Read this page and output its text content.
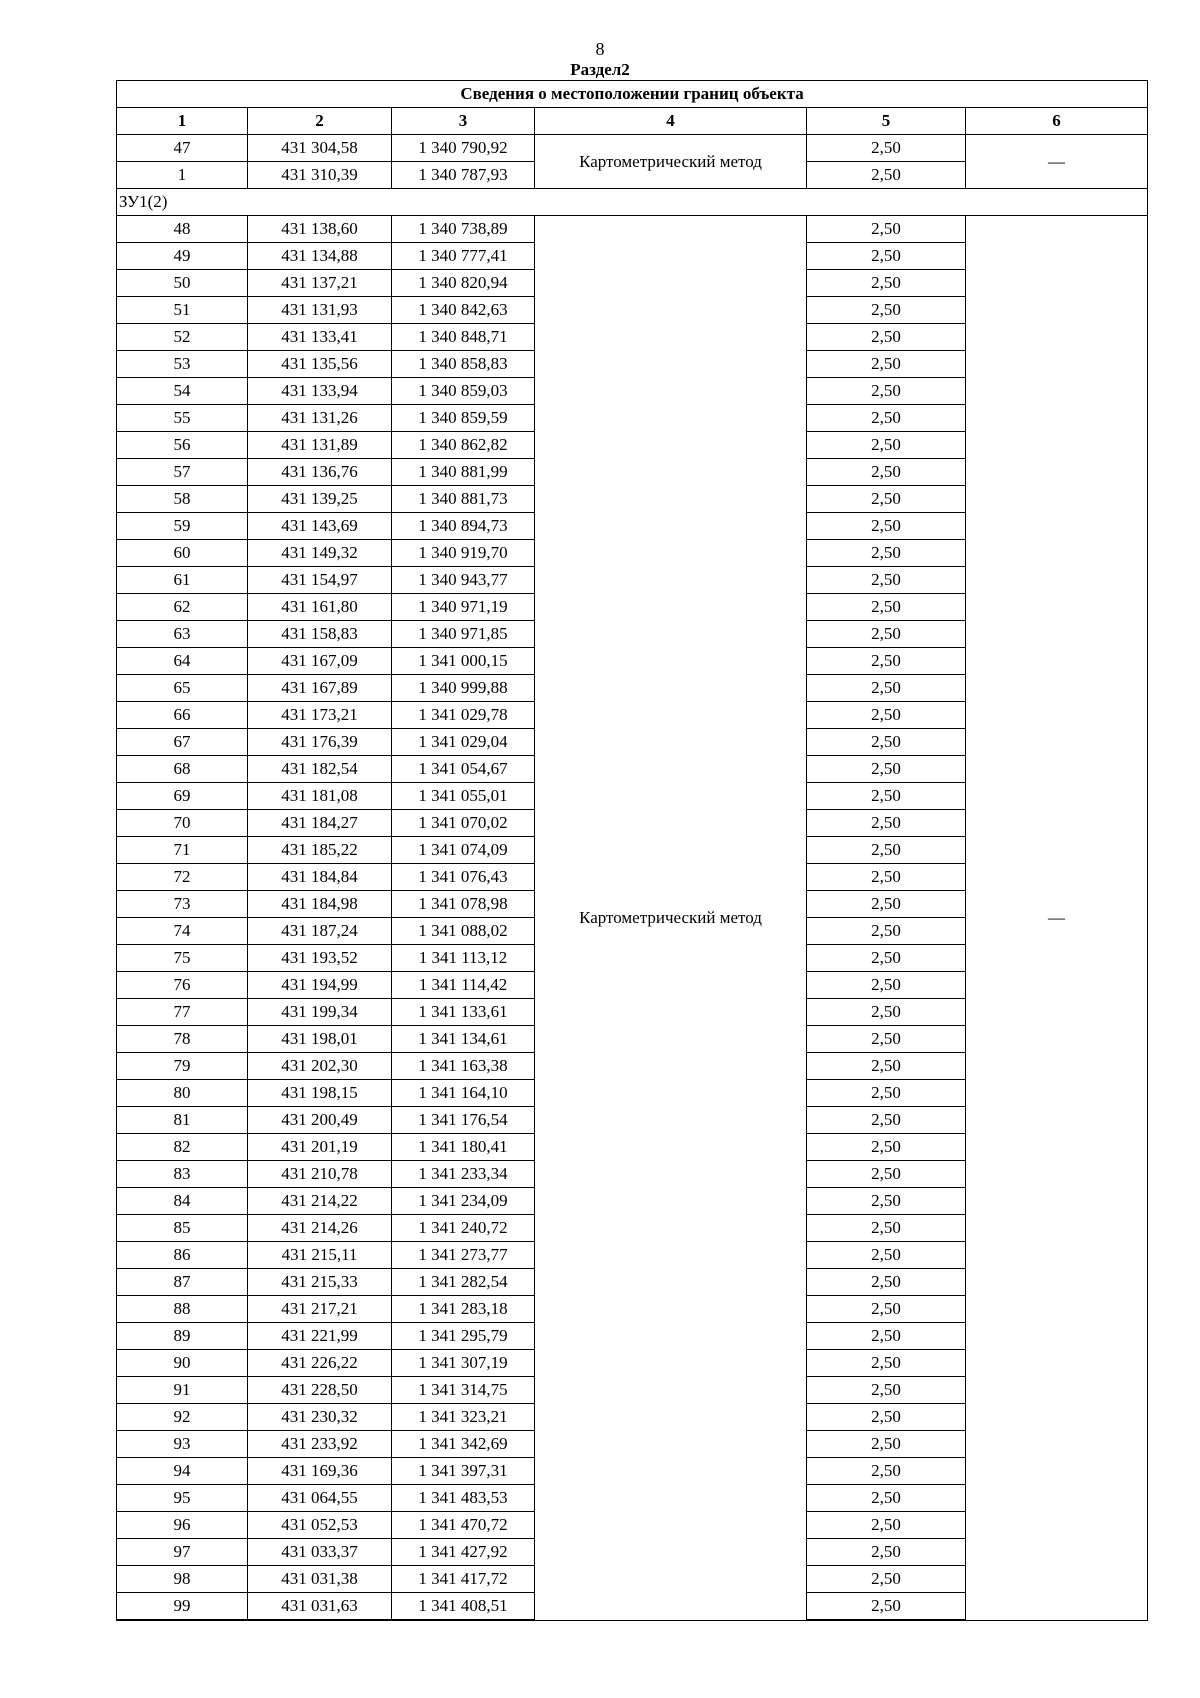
8
Раздел2
Сведения о местоположении границ объекта					
1	2	3	4	5	6
47	431 304,58	1 340 790,92	Картометрический метод	2,50	—
1	431 310,39	1 340 787,93		2,50	
ЗУ1(2)					
48	431 138,60	1 340 738,89	Картометрический метод	2,50	—
49	431 134,88	1 340 777,41		2,50	
50	431 137,21	1 340 820,94		2,50	
51	431 131,93	1 340 842,63		2,50	
52	431 133,41	1 340 848,71		2,50	
53	431 135,56	1 340 858,83		2,50	
54	431 133,94	1 340 859,03		2,50	
55	431 131,26	1 340 859,59		2,50	
56	431 131,89	1 340 862,82		2,50	
57	431 136,76	1 340 881,99		2,50	
58	431 139,25	1 340 881,73		2,50	
59	431 143,69	1 340 894,73		2,50	
60	431 149,32	1 340 919,70		2,50	
61	431 154,97	1 340 943,77		2,50	
62	431 161,80	1 340 971,19		2,50	
63	431 158,83	1 340 971,85		2,50	
64	431 167,09	1 341 000,15		2,50	
65	431 167,89	1 340 999,88		2,50	
66	431 173,21	1 341 029,78		2,50	
67	431 176,39	1 341 029,04		2,50	
68	431 182,54	1 341 054,67		2,50	
69	431 181,08	1 341 055,01		2,50	
70	431 184,27	1 341 070,02		2,50	
71	431 185,22	1 341 074,09		2,50	
72	431 184,84	1 341 076,43		2,50	
73	431 184,98	1 341 078,98		2,50	
74	431 187,24	1 341 088,02		2,50	
75	431 193,52	1 341 113,12		2,50	
76	431 194,99	1 341 114,42		2,50	
77	431 199,34	1 341 133,61		2,50	
78	431 198,01	1 341 134,61		2,50	
79	431 202,30	1 341 163,38		2,50	
80	431 198,15	1 341 164,10		2,50	
81	431 200,49	1 341 176,54		2,50	
82	431 201,19	1 341 180,41		2,50	
83	431 210,78	1 341 233,34		2,50	
84	431 214,22	1 341 234,09		2,50	
85	431 214,26	1 341 240,72		2,50	
86	431 215,11	1 341 273,77		2,50	
87	431 215,33	1 341 282,54		2,50	
88	431 217,21	1 341 283,18		2,50	
89	431 221,99	1 341 295,79		2,50	
90	431 226,22	1 341 307,19		2,50	
91	431 228,50	1 341 314,75		2,50	
92	431 230,32	1 341 323,21		2,50	
93	431 233,92	1 341 342,69		2,50	
94	431 169,36	1 341 397,31		2,50	
95	431 064,55	1 341 483,53		2,50	
96	431 052,53	1 341 470,72		2,50	
97	431 033,37	1 341 427,92		2,50	
98	431 031,38	1 341 417,72		2,50	
99	431 031,63	1 341 408,51		2,50	
